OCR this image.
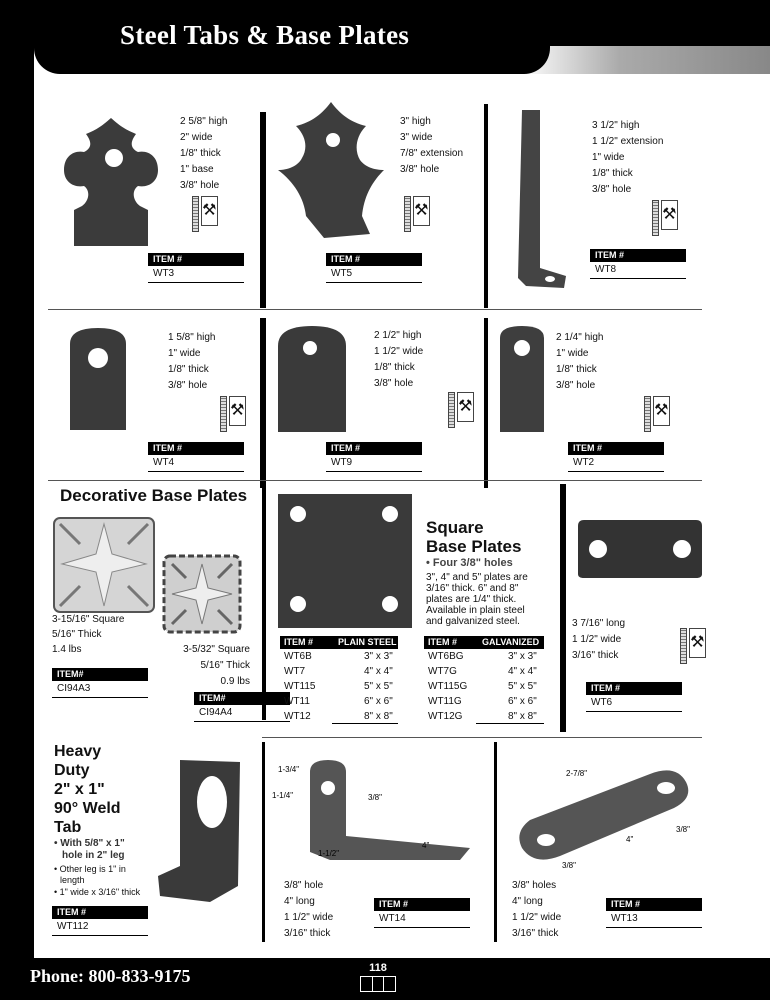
Steel Tabs & Base Plates
2 5/8" high
2" wide
1/8" thick
1" base
3/8" hole
⚒
ITEM #
WT3
3" high
3" wide
7/8" extension
3/8" hole
⚒
ITEM #
WT5
3 1/2" high
1 1/2" extension
1" wide
1/8" thick
3/8" hole
⚒
ITEM #
WT8
1 5/8" high
1" wide
1/8" thick
3/8" hole
⚒
ITEM #
WT4
2 1/2" high
1 1/2" wide
1/8" thick
3/8" hole
⚒
ITEM #
WT9
2 1/4" high
1" wide
1/8" thick
3/8" hole
⚒
ITEM #
WT2
Decorative Base Plates
3-15/16" Square
5/16" Thick
1.4 lbs
ITEM#
CI94A3
3-5/32" Square
5/16" Thick
0.9 lbs
ITEM#
CI94A4
Square
Base Plates
• Four 3/8" holes
3", 4" and 5" plates are
3/16" thick. 6" and 8"
plates are 1/4" thick.
Available in plain steel
and galvanized steel.
ITEM #	PLAIN STEEL
WT6B	3" x 3"
WT7	4" x 4"
WT115	5" x 5"
WT11	6" x 6"
WT12	8" x 8"
ITEM #	GALVANIZED
WT6BG	3" x 3"
WT7G	4" x 4"
WT115G	5" x 5"
WT11G	6" x 6"
WT12G	8" x 8"
3 7/16" long
1 1/2" wide
3/16" thick
⚒
ITEM #
WT6
Heavy
Duty
2" x 1"
90° Weld
Tab
• With 5/8" x 1"
hole in 2" leg
• Other leg is 1" in
length
• 1" wide x 3/16" thick
ITEM #
WT112
1-3/4"
1-1/4"	3/8"
1-1/2"
4"
3/8" hole
4" long
1 1/2" wide
3/16" thick
ITEM #
WT14
2-7/8"
3/8"
4"
3/8"
3/8" holes
4" long
1 1/2" wide
3/16" thick
ITEM #
WT13
Phone: 800-833-9175	118
